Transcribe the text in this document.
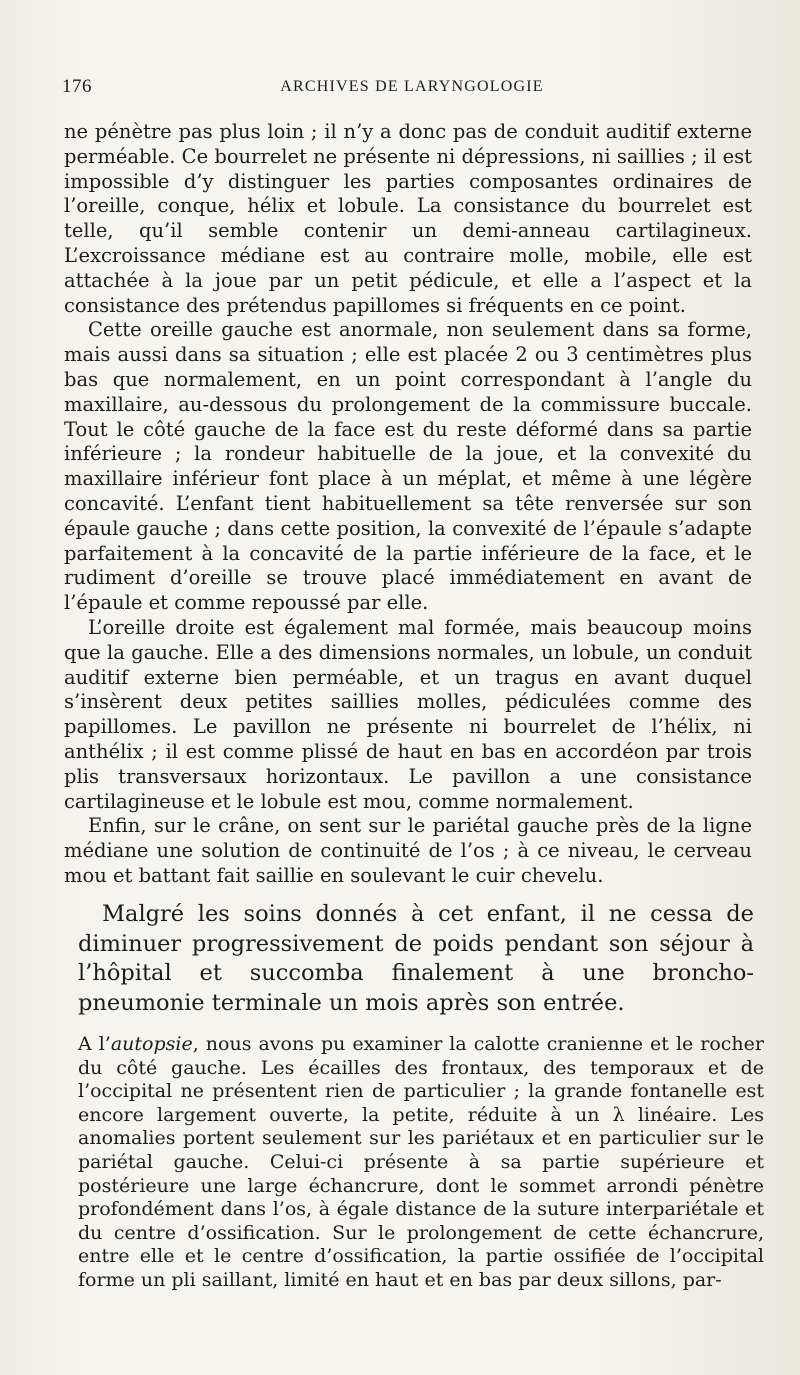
176	ARCHIVES DE LARYNGOLOGIE

ne pénètre pas plus loin ; il n’y a donc pas de conduit auditif externe perméable. Ce bourrelet ne présente ni dépressions, ni saillies ; il est impossible d’y distinguer les parties composantes ordinaires de l’oreille, conque, hélix et lobule. La consistance du bourrelet est telle, qu’il semble contenir un demi-anneau cartilagineux. L’excroissance médiane est au contraire molle, mobile, elle est attachée à la joue par un petit pédicule, et elle a l’aspect et la consistance des prétendus papillomes si fréquents en ce point.

Cette oreille gauche est anormale, non seulement dans sa forme, mais aussi dans sa situation ; elle est placée 2 ou 3 centimètres plus bas que normalement, en un point correspondant à l’angle du maxillaire, au-dessous du prolongement de la commissure buccale. Tout le côté gauche de la face est du reste déformé dans sa partie inférieure ; la rondeur habituelle de la joue, et la convexité du maxillaire inférieur font place à un méplat, et même à une légère concavité. L’enfant tient habituellement sa tête renversée sur son épaule gauche ; dans cette position, la convexité de l’épaule s’adapte parfaitement à la concavité de la partie inférieure de la face, et le rudiment d’oreille se trouve placé immédiatement en avant de l’épaule et comme repoussé par elle.

L’oreille droite est également mal formée, mais beaucoup moins que la gauche. Elle a des dimensions normales, un lobule, un conduit auditif externe bien perméable, et un tragus en avant duquel s’insèrent deux petites saillies molles, pédiculées comme des papillomes. Le pavillon ne présente ni bourrelet de l’hélix, ni anthélix ; il est comme plissé de haut en bas en accordéon par trois plis transversaux horizontaux. Le pavillon a une consistance cartilagineuse et le lobule est mou, comme normalement.

Enfin, sur le crâne, on sent sur le pariétal gauche près de la ligne médiane une solution de continuité de l’os ; à ce niveau, le cerveau mou et battant fait saillie en soulevant le cuir chevelu.

Malgré les soins donnés à cet enfant, il ne cessa de diminuer progressivement de poids pendant son séjour à l’hôpital et succomba finalement à une broncho-pneumonie terminale un mois après son entrée.

A l’autopsie, nous avons pu examiner la calotte cranienne et le rocher du côté gauche. Les écailles des frontaux, des temporaux et de l’occipital ne présentent rien de particulier ; la grande fontanelle est encore largement ouverte, la petite, réduite à un λ linéaire. Les anomalies portent seulement sur les pariétaux et en particulier sur le pariétal gauche. Celui-ci présente à sa partie supérieure et postérieure une large échancrure, dont le sommet arrondi pénètre profondément dans l’os, à égale distance de la suture interpariétale et du centre d’ossification. Sur le prolongement de cette échancrure, entre elle et le centre d’ossification, la partie ossifiée de l’occipital forme un pli saillant, limité en haut et en bas par deux sillons, par-
